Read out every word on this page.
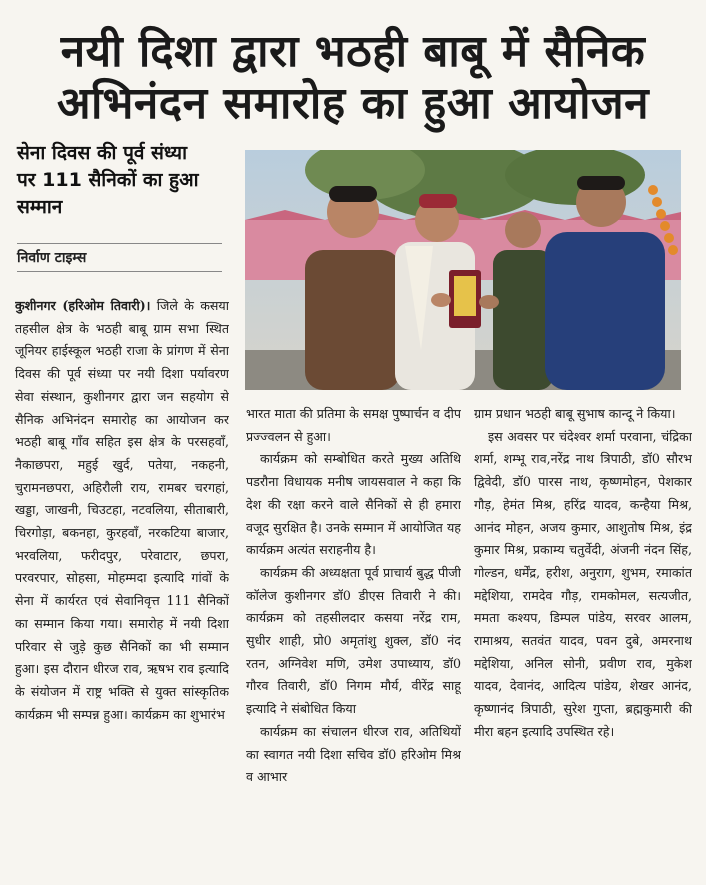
नयी दिशा द्वारा भठही बाबू में सैनिक
अभिनंदन समारोह का हुआ आयोजन
सेना दिवस की पूर्व संध्या
पर 111 सैनिकों का हुआ
सम्मान
निर्वाण टाइम्स

कुशीनगर (हरिओम तिवारी)। जिले के कसया तहसील क्षेत्र के भठही बाबू ग्राम सभा स्थित जूनियर हाईस्कूल भठही राजा के प्रांगण में सेना दिवस की पूर्व संध्या पर नयी दिशा पर्यावरण सेवा संस्थान, कुशीनगर द्वारा जन सहयोग से सैनिक अभिनंदन समारोह का आयोजन कर भठही बाबू गाँव सहित इस क्षेत्र के परसहवाँ, नैकाछपरा, महुई खुर्द, पतेया, नकहनी, चुरामनछपरा, अहिरौली राय, रामबर चरगहां, खड्डा, जाखनी, चिउटहा, नटवलिया, सीताबारी, चिरगोड़ा, बकनहा, कुरहवाँ, नरकटिया बाजार, भरवलिया, फरीदपुर, परेवाटार, छपरा, परवरपार, सोहसा, मोहम्मदा इत्यादि गांवों के सेना में कार्यरत एवं सेवानिवृत्त 111 सैनिकों का सम्मान किया गया। समारोह में नयी दिशा परिवार से जुड़े कुछ सैनिकों का भी सम्मान हुआ। इस दौरान धीरज राव, ऋषभ राव इत्यादि के संयोजन में राष्ट्र भक्ति से युक्त सांस्कृतिक कार्यक्रम भी सम्पन्न हुआ। कार्यक्रम का शुभारंभ

भारत माता की प्रतिमा के समक्ष पुष्पार्चन व दीप प्रज्ज्वलन से हुआ।

कार्यक्रम को सम्बोधित करते मुख्य अतिथि पडरौना विधायक मनीष जायसवाल ने कहा कि देश की रक्षा करने वाले सैनिकों से ही हमारा वजूद सुरक्षित है। उनके सम्मान में आयोजित यह कार्यक्रम अत्यंत सराहनीय है।

कार्यक्रम की अध्यक्षता पूर्व प्राचार्य बुद्ध पीजी कॉलेज कुशीनगर डॉ0 डीएस तिवारी ने की। कार्यक्रम को तहसीलदार कसया नरेंद्र राम, सुधीर शाही, प्रो0 अमृतांशु शुक्ल, डॉ0 नंद रतन, अग्निवेश मणि, उमेश उपाध्याय, डॉ0 गौरव तिवारी, डॉ0 निगम मौर्य, वीरेंद्र साहू इत्यादि ने संबोधित किया

कार्यक्रम का संचालन धीरज राव, अतिथियों का स्वागत नयी दिशा सचिव डॉ0 हरिओम मिश्र व आभार

ग्राम प्रधान भठही बाबू सुभाष कान्दू ने किया।

इस अवसर पर चंदेश्वर शर्मा परवाना, चंद्रिका शर्मा, शम्भू राव,नरेंद्र नाथ त्रिपाठी, डॉ0 सौरभ द्विवेदी, डॉ0 पारस नाथ, कृष्णमोहन, पेशकार गौड़, हेमंत मिश्र, हरिंद्र यादव, कन्हैया मिश्र, आनंद मोहन, अजय कुमार, आशुतोष मिश्र, इंद्र कुमार मिश्र, प्रकाम्य चतुर्वेदी, अंजनी नंदन सिंह, गोल्डन, धर्मेंद्र, हरीश, अनुराग, शुभम, रमाकांत मद्देशिया, रामदेव गौड़, रामकोमल, सत्यजीत, ममता कश्यप, डिम्पल पांडेय, सरवर आलम, रामाश्रय, सतवंत यादव, पवन दुबे, अमरनाथ मद्देशिया, अनिल सोनी, प्रवीण राव, मुकेश यादव, देवानंद, आदित्य पांडेय, शेखर आनंद, कृष्णानंद त्रिपाठी, सुरेश गुप्ता, ब्रह्मकुमारी की मीरा बहन इत्यादि उपस्थित रहे।
